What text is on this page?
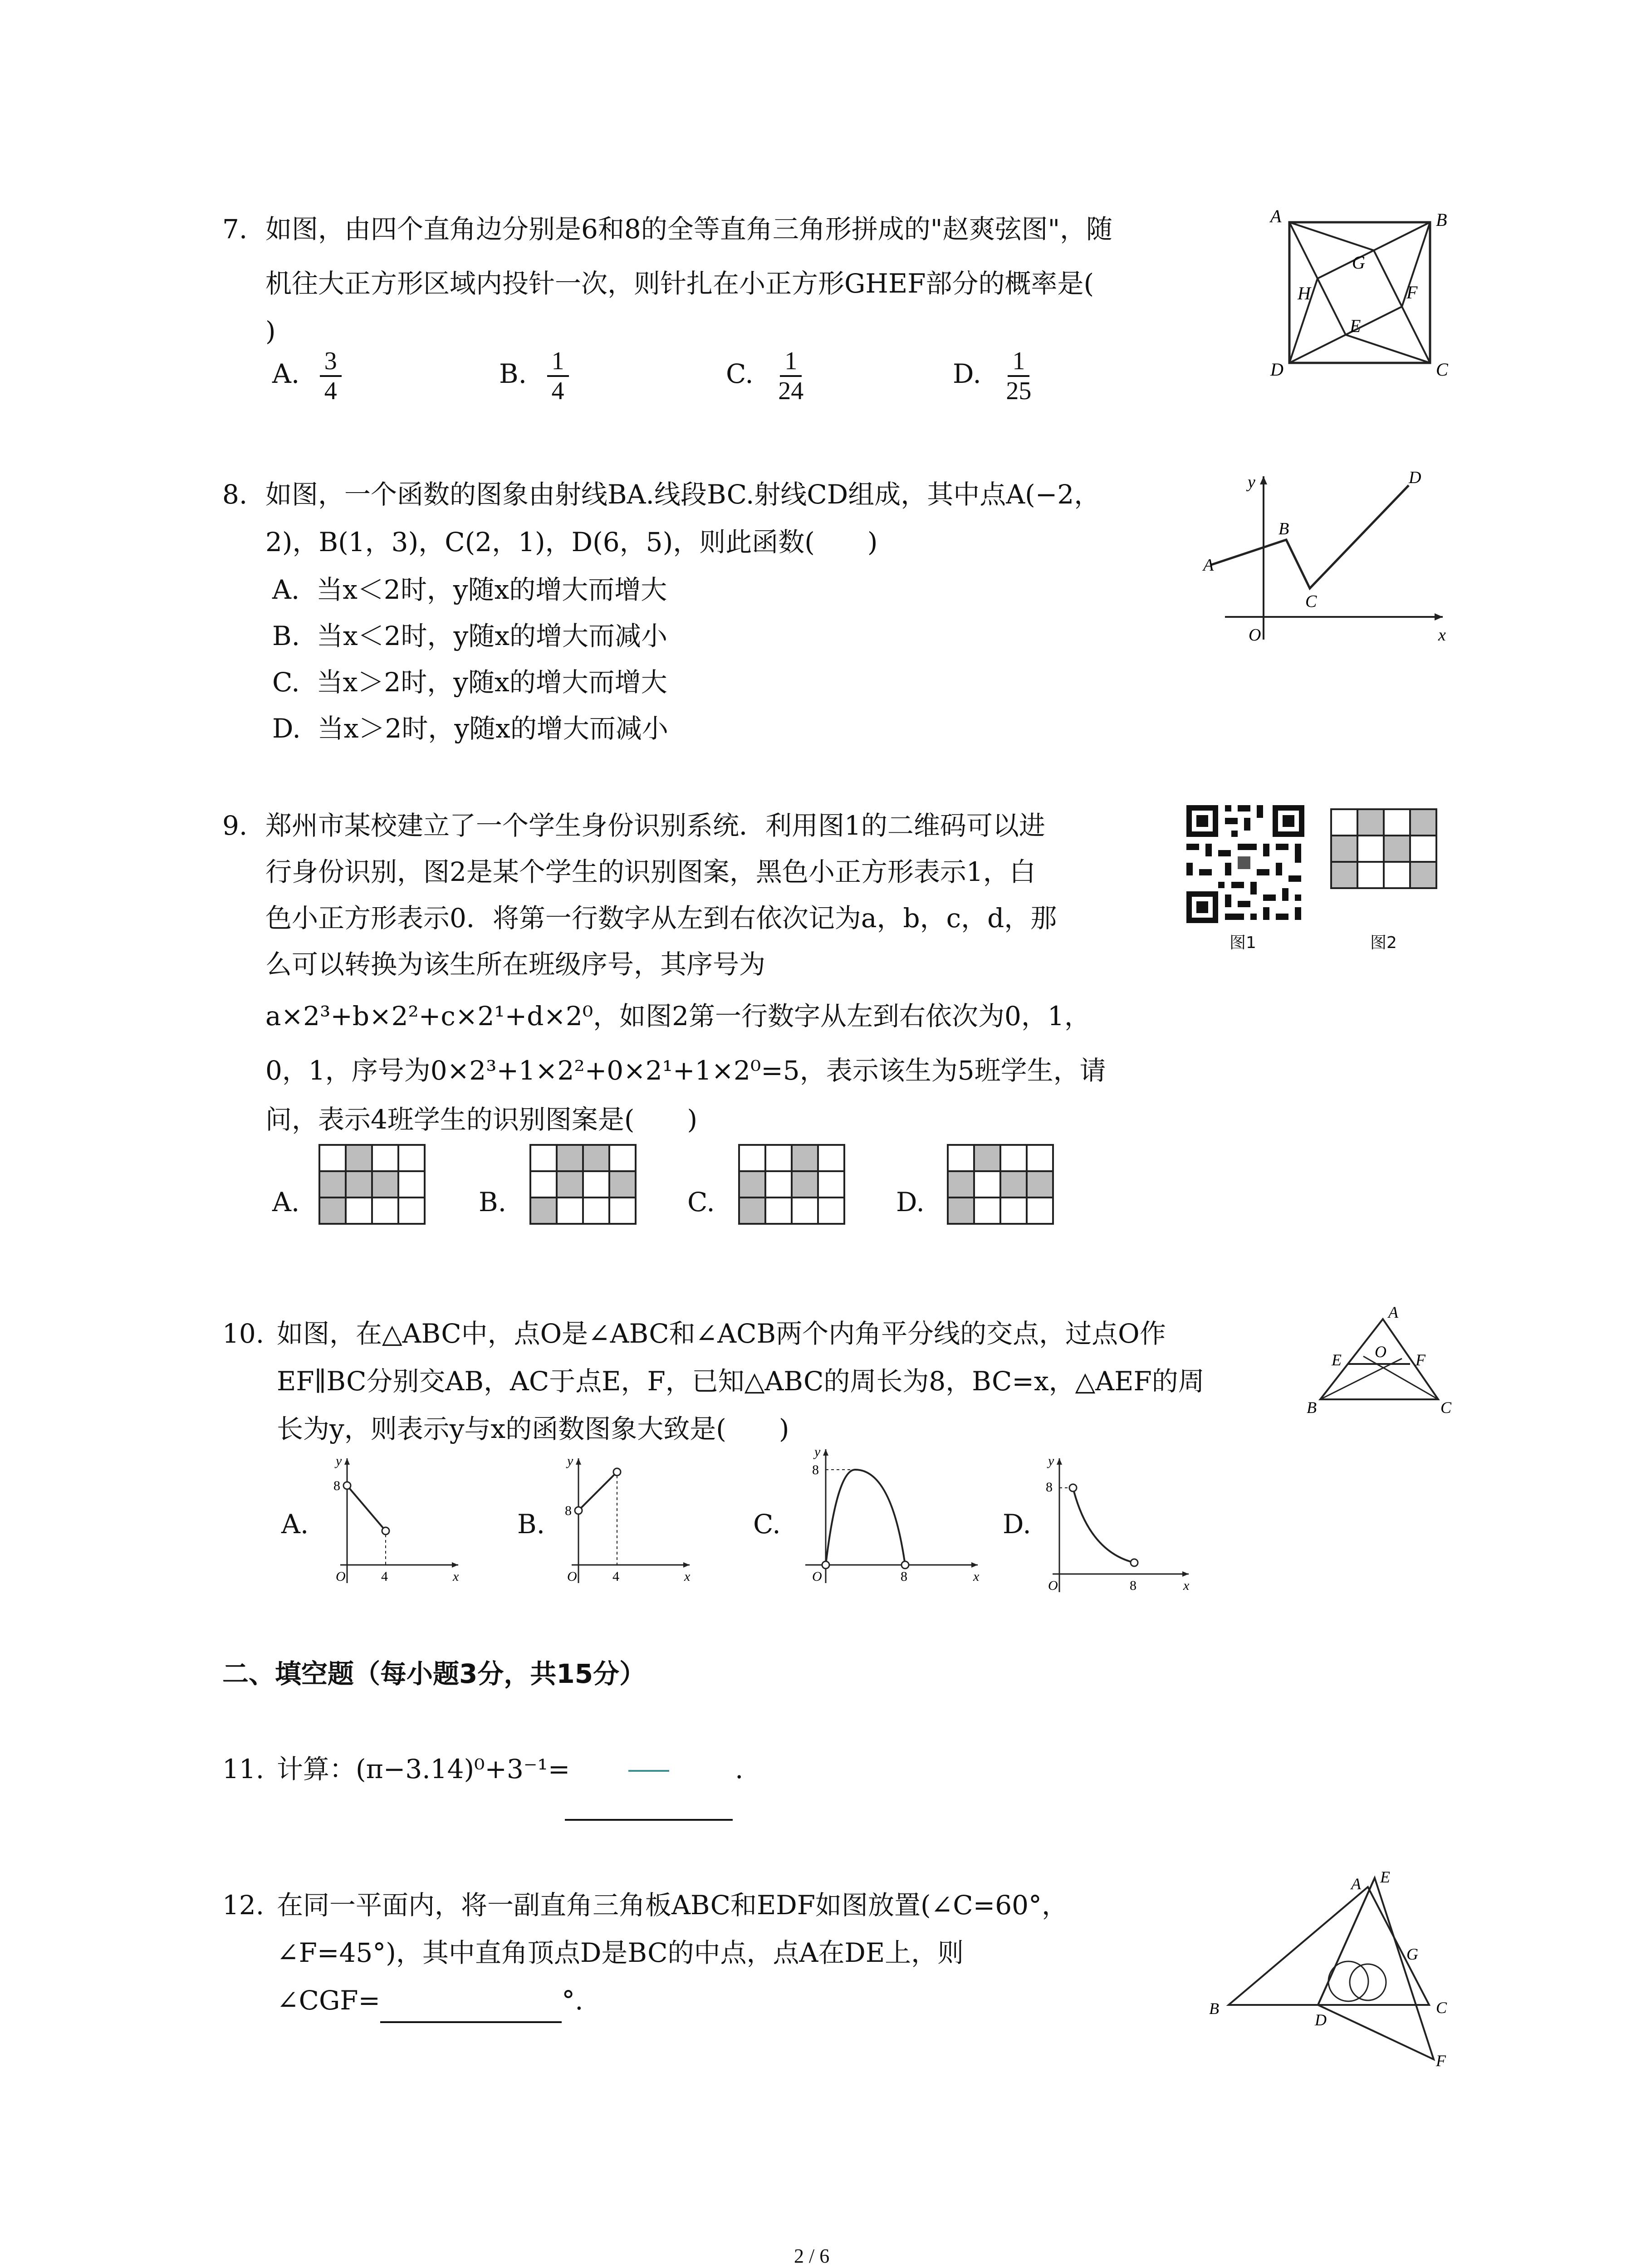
7. 如图，由四个直角边分别是6和8的全等直角三角形拼成的"赵爽弦图"，随
机往大正方形区域内投针一次，则针扎在小正方形GHEF部分的概率是(
)
A. $\frac{3}{4}$	B. $\frac{1}{4}$	C. $\frac{1}{24}$	D. $\frac{1}{25}$
A	B
C
D
G
H
E
F
8. 如图，一个函数的图象由射线BA.线段BC.射线CD组成，其中点A(−2，
2)，B(1，3)，C(2，1)，D(6，5)，则此函数(　　)
A. 当x＜2时，y随x的增大而增大
B. 当x＜2时，y随x的增大而减小
C. 当x＞2时，y随x的增大而增大
D. 当x＞2时，y随x的增大而减小
y
x
O
A
B
C
D
9. 郑州市某校建立了一个学生身份识别系统．利用图1的二维码可以进
行身份识别，图2是某个学生的识别图案，黑色小正方形表示1，白
色小正方形表示0．将第一行数字从左到右依次记为a，b，c，d，那
么可以转换为该生所在班级序号，其序号为
a×2³+b×2²+c×2¹+d×2⁰，如图2第一行数字从左到右依次为0，1，
0，1，序号为0×2³+1×2²+0×2¹+1×2⁰=5，表示该生为5班学生，请
问，表示4班学生的识别图案是(　　)
图1	图2
A.	B.	C.	D.
10. 如图，在△ABC中，点O是∠ABC和∠ACB两个内角平分线的交点，过点O作
EF∥BC分别交AB，AC于点E，F，已知△ABC的周长为8，BC=x，△AEF的周
长为y，则表示y与x的函数图象大致是(　　)
A
B	C
E	F
O
A.
y
8
O	4	x
B.
y
8
O	4	x
C.
y
8
O	8	x
D.
y
8
O	8	x
二、填空题（每小题3分，共15分）
11. 计算：(π−3.14)⁰+3⁻¹=	.
12. 在同一平面内，将一副直角三角板ABC和EDF如图放置(∠C=60°，
∠F=45°)，其中直角顶点D是BC的中点，点A在DE上，则
∠CGF=	°.
A E
G
B
D
C
F
2 / 6
